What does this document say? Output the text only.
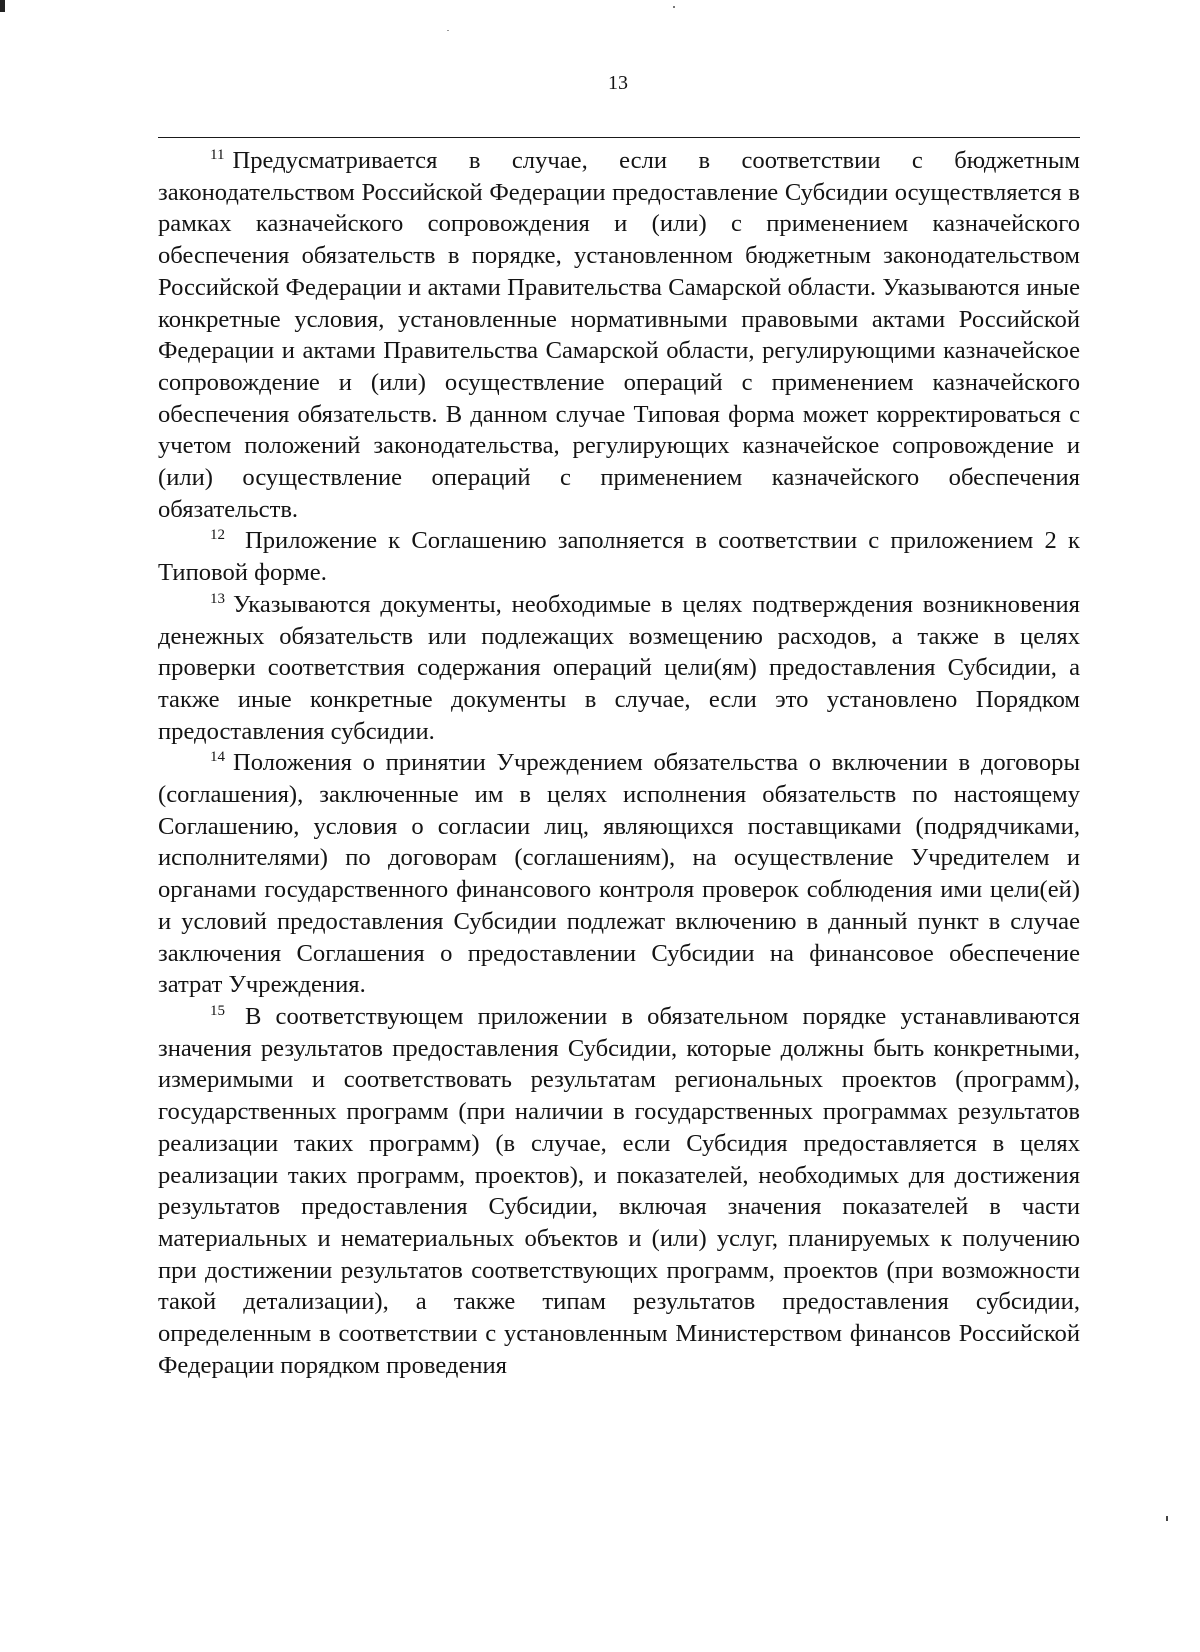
13

$^{11}$ Предусматривается в случае, если в соответствии с бюджетным законодательством Российской Федерации предоставление Субсидии осуществляется в рамках казначейского сопровождения и (или) с применением казначейского обеспечения обязательств в порядке, установленном бюджетным законодательством Российской Федерации и актами Правительства Самарской области. Указываются иные конкретные условия, установленные нормативными правовыми актами Российской Федерации и актами Правительства Самарской области, регулирующими казначейское сопровождение и (или) осуществление операций с применением казначейского обеспечения обязательств. В данном случае Типовая форма может корректироваться с учетом положений законодательства, регулирующих казначейское сопровождение и (или) осуществление операций с применением казначейского обеспечения обязательств.

$^{12}$ Приложение к Соглашению заполняется в соответствии с приложением 2 к Типовой форме.

$^{13}$ Указываются документы, необходимые в целях подтверждения возникновения денежных обязательств или подлежащих возмещению расходов, а также в целях проверки соответствия содержания операций цели(ям) предоставления Субсидии, а также иные конкретные документы в случае, если это установлено Порядком предоставления субсидии.

$^{14}$ Положения о принятии Учреждением обязательства о включении в договоры (соглашения), заключенные им в целях исполнения обязательств по настоящему Соглашению, условия о согласии лиц, являющихся поставщиками (подрядчиками, исполнителями) по договорам (соглашениям), на осуществление Учредителем и органами государственного финансового контроля проверок соблюдения ими цели(ей) и условий предоставления Субсидии подлежат включению в данный пункт в случае заключения Соглашения о предоставлении Субсидии на финансовое обеспечение затрат Учреждения.

$^{15}$ В соответствующем приложении в обязательном порядке устанавливаются значения результатов предоставления Субсидии, которые должны быть конкретными, измеримыми и соответствовать результатам региональных проектов (программ), государственных программ (при наличии в государственных программах результатов реализации таких программ) (в случае, если Субсидия предоставляется в целях реализации таких программ, проектов), и показателей, необходимых для достижения результатов предоставления Субсидии, включая значения показателей в части материальных и нематериальных объектов и (или) услуг, планируемых к получению при достижении результатов соответствующих программ, проектов (при возможности такой детализации), а также типам результатов предоставления субсидии, определенным в соответствии с установленным Министерством финансов Российской Федерации порядком проведения
